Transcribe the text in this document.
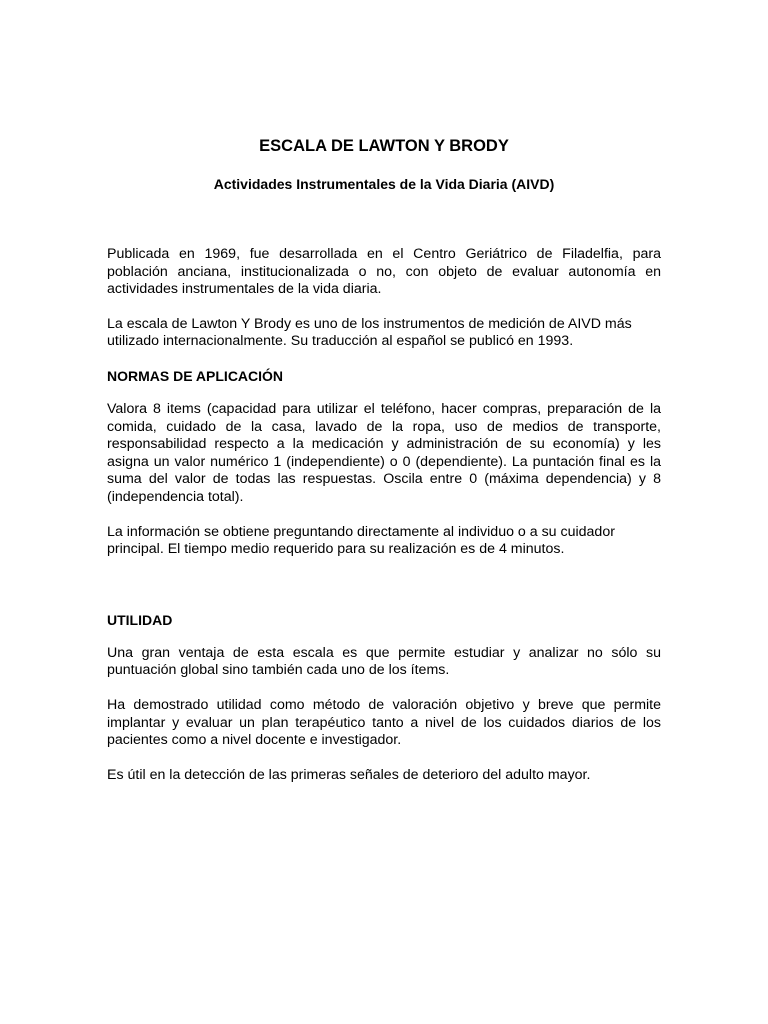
ESCALA DE LAWTON Y BRODY
Actividades Instrumentales de la Vida Diaria (AIVD)

Publicada en 1969, fue desarrollada en el Centro Geriátrico de Filadelfia, para población anciana, institucionalizada o no, con objeto de evaluar autonomía en actividades instrumentales de la vida diaria.

La escala de Lawton Y Brody es uno de los instrumentos de medición de AIVD más utilizado internacionalmente. Su traducción al español se publicó en 1993.

NORMAS DE APLICACIÓN

Valora 8 items (capacidad para utilizar el teléfono, hacer compras, preparación de la comida, cuidado de la casa, lavado de la ropa, uso de medios de transporte, responsabilidad respecto a la medicación y administración de su economía) y les asigna un valor numérico 1 (independiente) o 0 (dependiente). La puntación final es la suma del valor de todas las respuestas. Oscila entre 0 (máxima dependencia) y 8 (independencia total).

La información se obtiene preguntando directamente al individuo o a su cuidador principal. El tiempo medio requerido para su realización es de 4 minutos.

UTILIDAD

Una gran ventaja de esta escala es que permite estudiar y analizar no sólo su puntuación global sino también cada uno de los ítems.

Ha demostrado utilidad como método de valoración objetivo y breve que permite implantar y evaluar un plan terapéutico tanto a nivel de los cuidados diarios de los pacientes como a nivel docente e investigador.

Es útil en la detección de las primeras señales de deterioro del adulto mayor.
